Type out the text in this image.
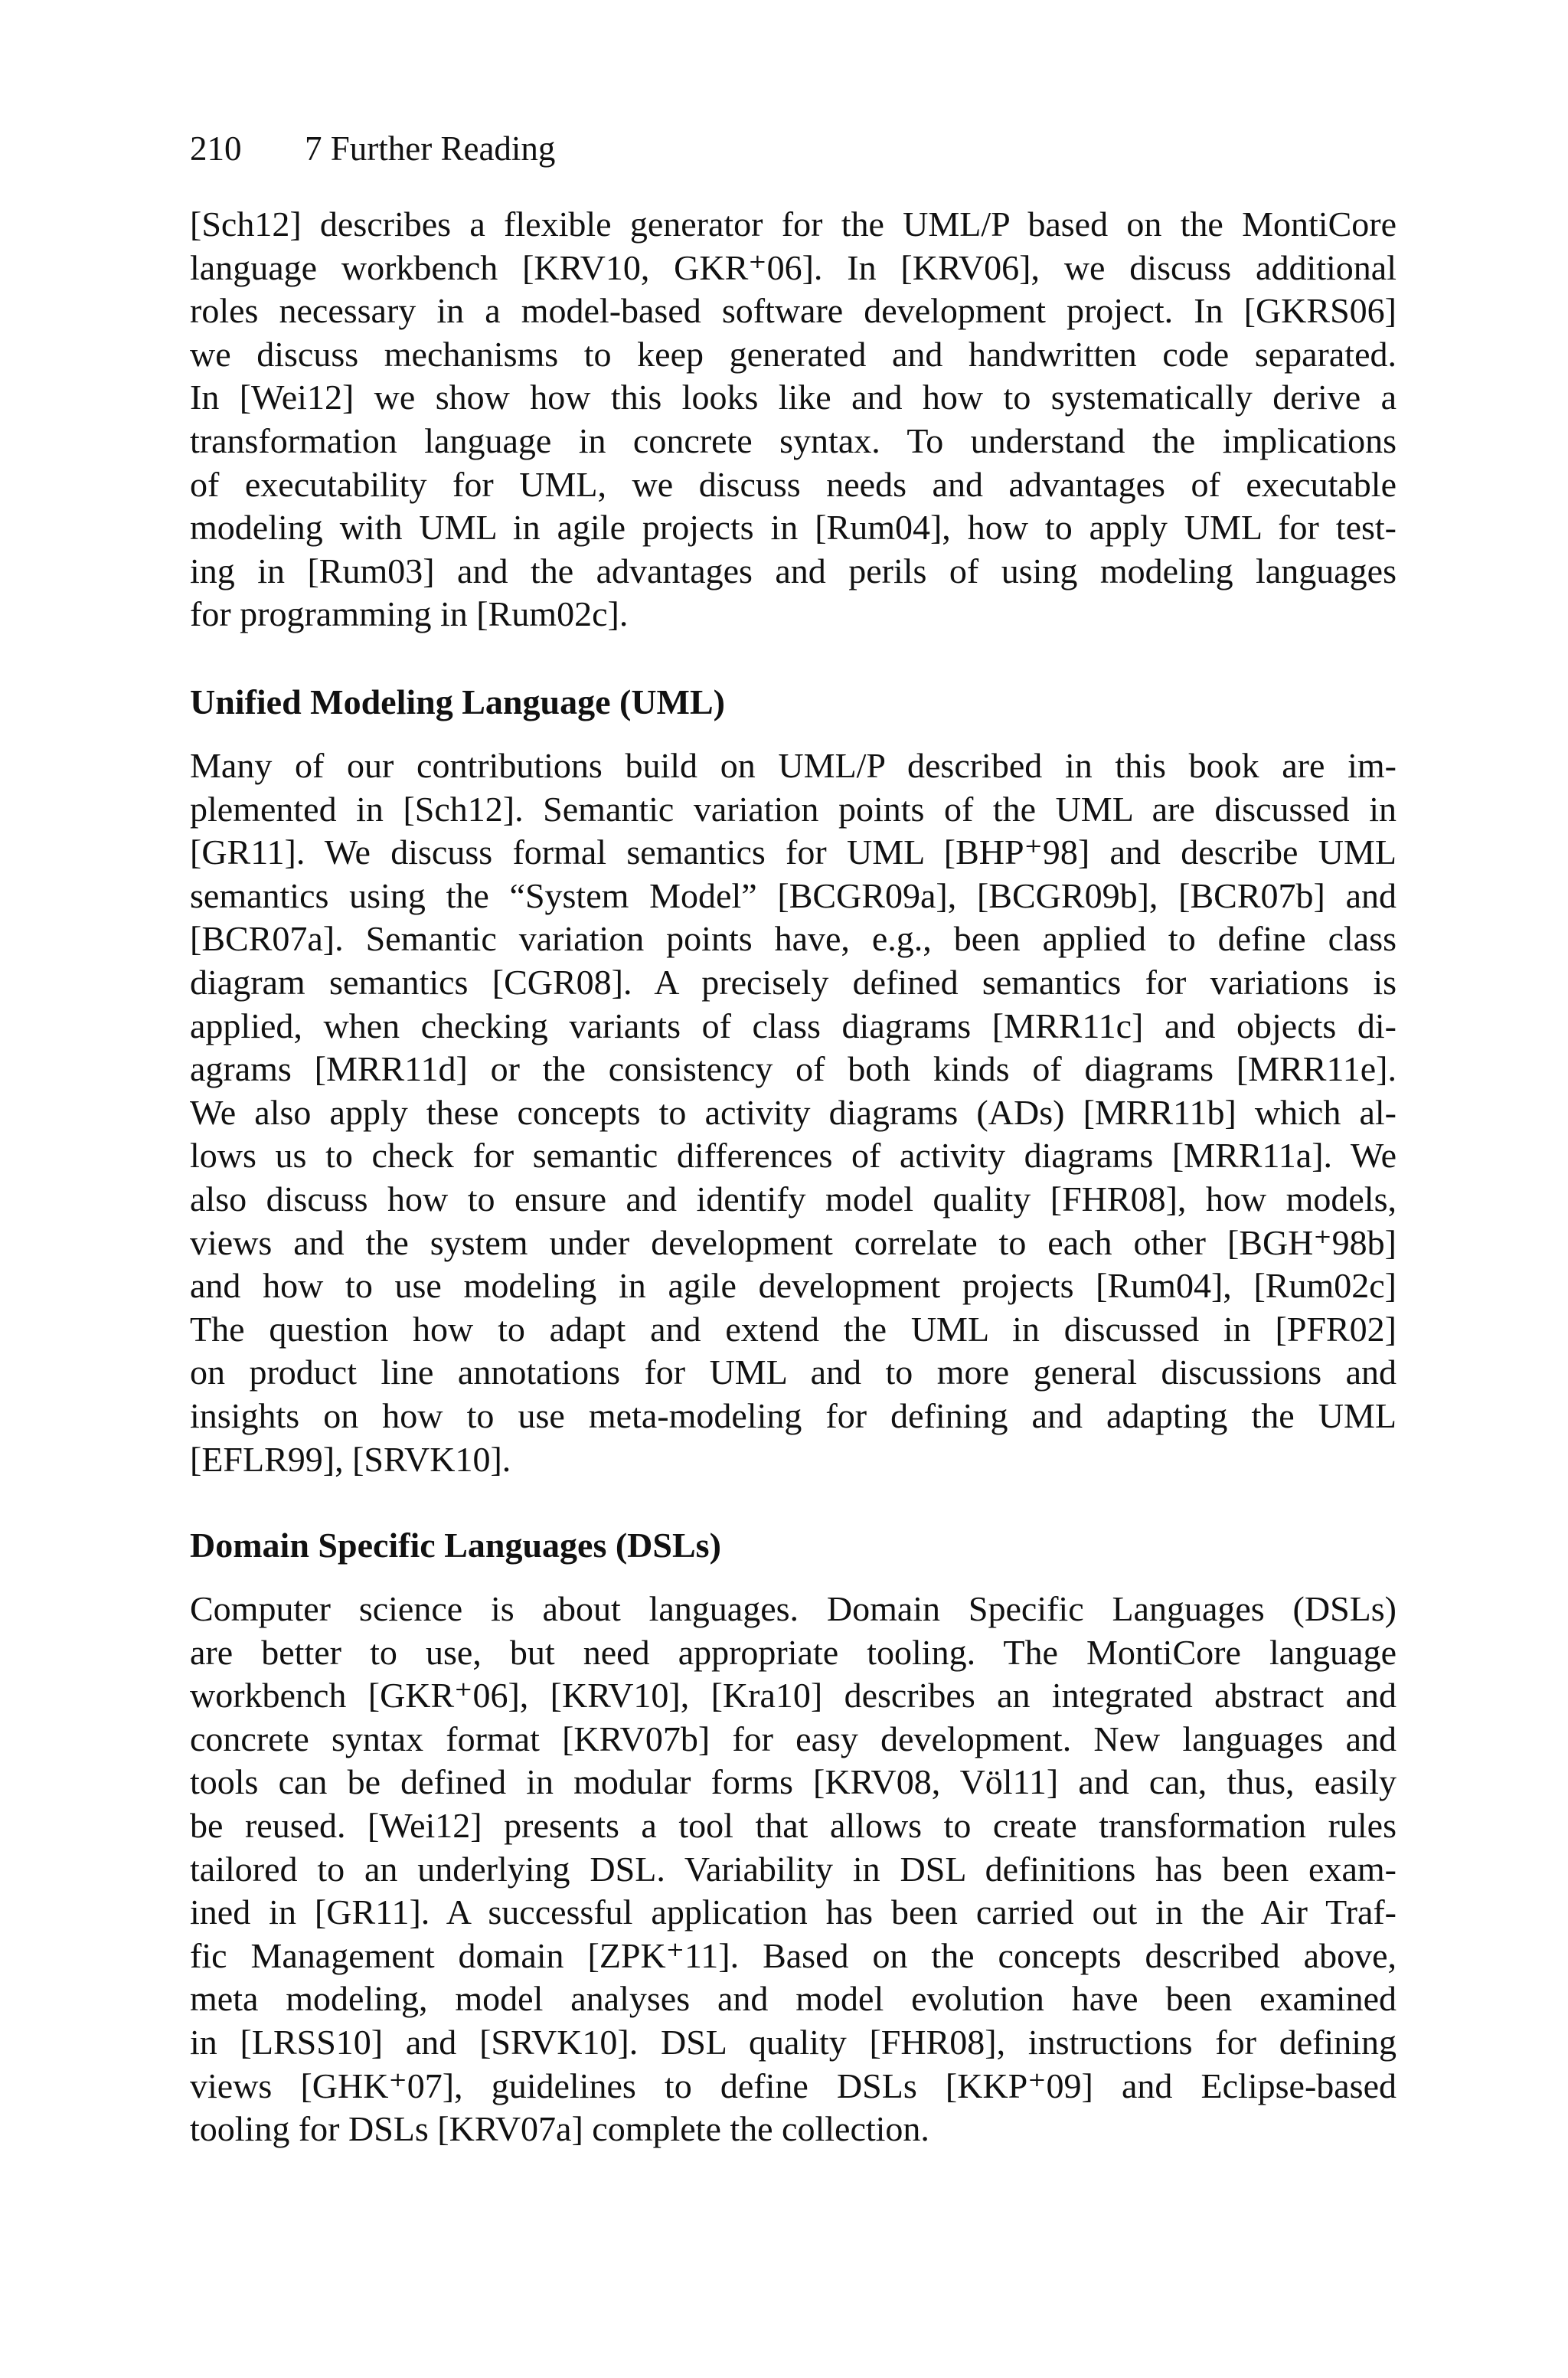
210 7 Further Reading
[Sch12] describes a flexible generator for the UML/P based on the MontiCore
language workbench [KRV10, GKR⁺06]. In [KRV06], we discuss additional
roles necessary in a model-based software development project. In [GKRS06]
we discuss mechanisms to keep generated and handwritten code separated.
In [Wei12] we show how this looks like and how to systematically derive a
transformation language in concrete syntax. To understand the implications
of executability for UML, we discuss needs and advantages of executable
modeling with UML in agile projects in [Rum04], how to apply UML for test-
ing in [Rum03] and the advantages and perils of using modeling languages
for programming in [Rum02c].
Unified Modeling Language (UML)
Many of our contributions build on UML/P described in this book are im-
plemented in [Sch12]. Semantic variation points of the UML are discussed in
[GR11]. We discuss formal semantics for UML [BHP⁺98] and describe UML
semantics using the “System Model” [BCGR09a], [BCGR09b], [BCR07b] and
[BCR07a]. Semantic variation points have, e.g., been applied to define class
diagram semantics [CGR08]. A precisely defined semantics for variations is
applied, when checking variants of class diagrams [MRR11c] and objects di-
agrams [MRR11d] or the consistency of both kinds of diagrams [MRR11e].
We also apply these concepts to activity diagrams (ADs) [MRR11b] which al-
lows us to check for semantic differences of activity diagrams [MRR11a]. We
also discuss how to ensure and identify model quality [FHR08], how models,
views and the system under development correlate to each other [BGH⁺98b]
and how to use modeling in agile development projects [Rum04], [Rum02c]
The question how to adapt and extend the UML in discussed in [PFR02]
on product line annotations for UML and to more general discussions and
insights on how to use meta-modeling for defining and adapting the UML
[EFLR99], [SRVK10].
Domain Specific Languages (DSLs)
Computer science is about languages. Domain Specific Languages (DSLs)
are better to use, but need appropriate tooling. The MontiCore language
workbench [GKR⁺06], [KRV10], [Kra10] describes an integrated abstract and
concrete syntax format [KRV07b] for easy development. New languages and
tools can be defined in modular forms [KRV08, Völ11] and can, thus, easily
be reused. [Wei12] presents a tool that allows to create transformation rules
tailored to an underlying DSL. Variability in DSL definitions has been exam-
ined in [GR11]. A successful application has been carried out in the Air Traf-
fic Management domain [ZPK⁺11]. Based on the concepts described above,
meta modeling, model analyses and model evolution have been examined
in [LRSS10] and [SRVK10]. DSL quality [FHR08], instructions for defining
views [GHK⁺07], guidelines to define DSLs [KKP⁺09] and Eclipse-based
tooling for DSLs [KRV07a] complete the collection.
